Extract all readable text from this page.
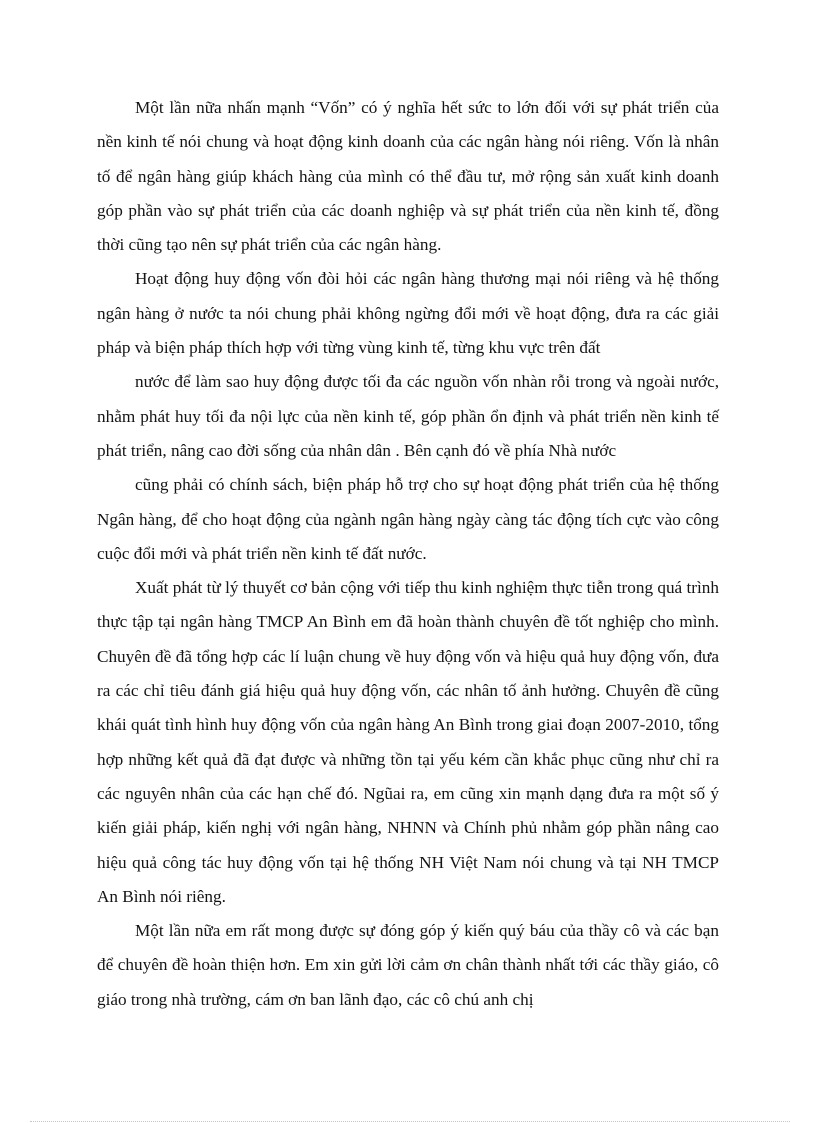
Một lần nữa nhấn mạnh “Vốn” có ý nghĩa hết sức to lớn đối với sự phát triển của nền kinh tế nói chung và hoạt động kinh doanh của các ngân hàng nói riêng. Vốn là nhân tố để ngân hàng giúp khách hàng của mình có thể đầu tư, mở rộng sản xuất kinh doanh góp phần vào sự phát triển của các doanh nghiệp và sự phát triển của nền kinh tế, đồng thời cũng tạo nên sự phát triển của các ngân hàng.

Hoạt động huy động vốn đòi hỏi các ngân hàng thương mại nói riêng và hệ thống ngân hàng ở nước ta nói chung phải không ngừng đổi mới về hoạt động, đưa ra các giải pháp và biện pháp thích hợp với từng vùng kinh tế, từng khu vực trên đất

nước để làm sao huy động được tối đa các nguồn vốn nhàn rỗi trong và ngoài nước, nhằm phát huy tối đa nội lực của nền kinh tế, góp phần ổn định và phát triển nền kinh tế phát triển, nâng cao đời sống của nhân dân . Bên cạnh đó về phía Nhà nước

cũng phải có chính sách, biện pháp hỗ trợ cho sự hoạt động phát triển của hệ thống Ngân hàng, để cho hoạt động của ngành ngân hàng ngày càng tác động tích cực vào công cuộc đổi mới và phát triển nền kinh tế đất nước.

Xuất phát từ lý thuyết cơ bản cộng với tiếp thu kinh nghiệm thực tiễn trong quá trình thực tập tại ngân hàng TMCP An Bình em đã hoàn thành chuyên đề tốt nghiệp cho mình. Chuyên đề đã tổng hợp các lí luận chung về huy động vốn và hiệu quả huy động vốn, đưa ra các chỉ tiêu đánh giá hiệu quả huy động vốn, các nhân tố ảnh hưởng. Chuyên đề cũng khái quát tình hình huy động vốn của ngân hàng An Bình trong giai đoạn 2007-2010, tổng hợp những kết quả đã đạt được và những tồn tại yếu kém cần khắc phục cũng như chỉ ra các nguyên nhân của các hạn chế đó. Ngũai ra, em cũng xin mạnh dạng đưa ra một số ý kiến giải pháp, kiến nghị với ngân hàng, NHNN và Chính phủ nhằm góp phần nâng cao hiệu quả công tác huy động vốn tại hệ thống NH Việt Nam nói chung và tại NH TMCP An Bình nói riêng.

Một lần nữa em rất mong được sự đóng góp ý kiến quý báu của thầy cô và các bạn để chuyên đề hoàn thiện hơn. Em xin gửi lời cảm ơn chân thành nhất tới các thầy giáo, cô giáo trong nhà trường, cám ơn ban lãnh đạo, các cô chú anh chị
